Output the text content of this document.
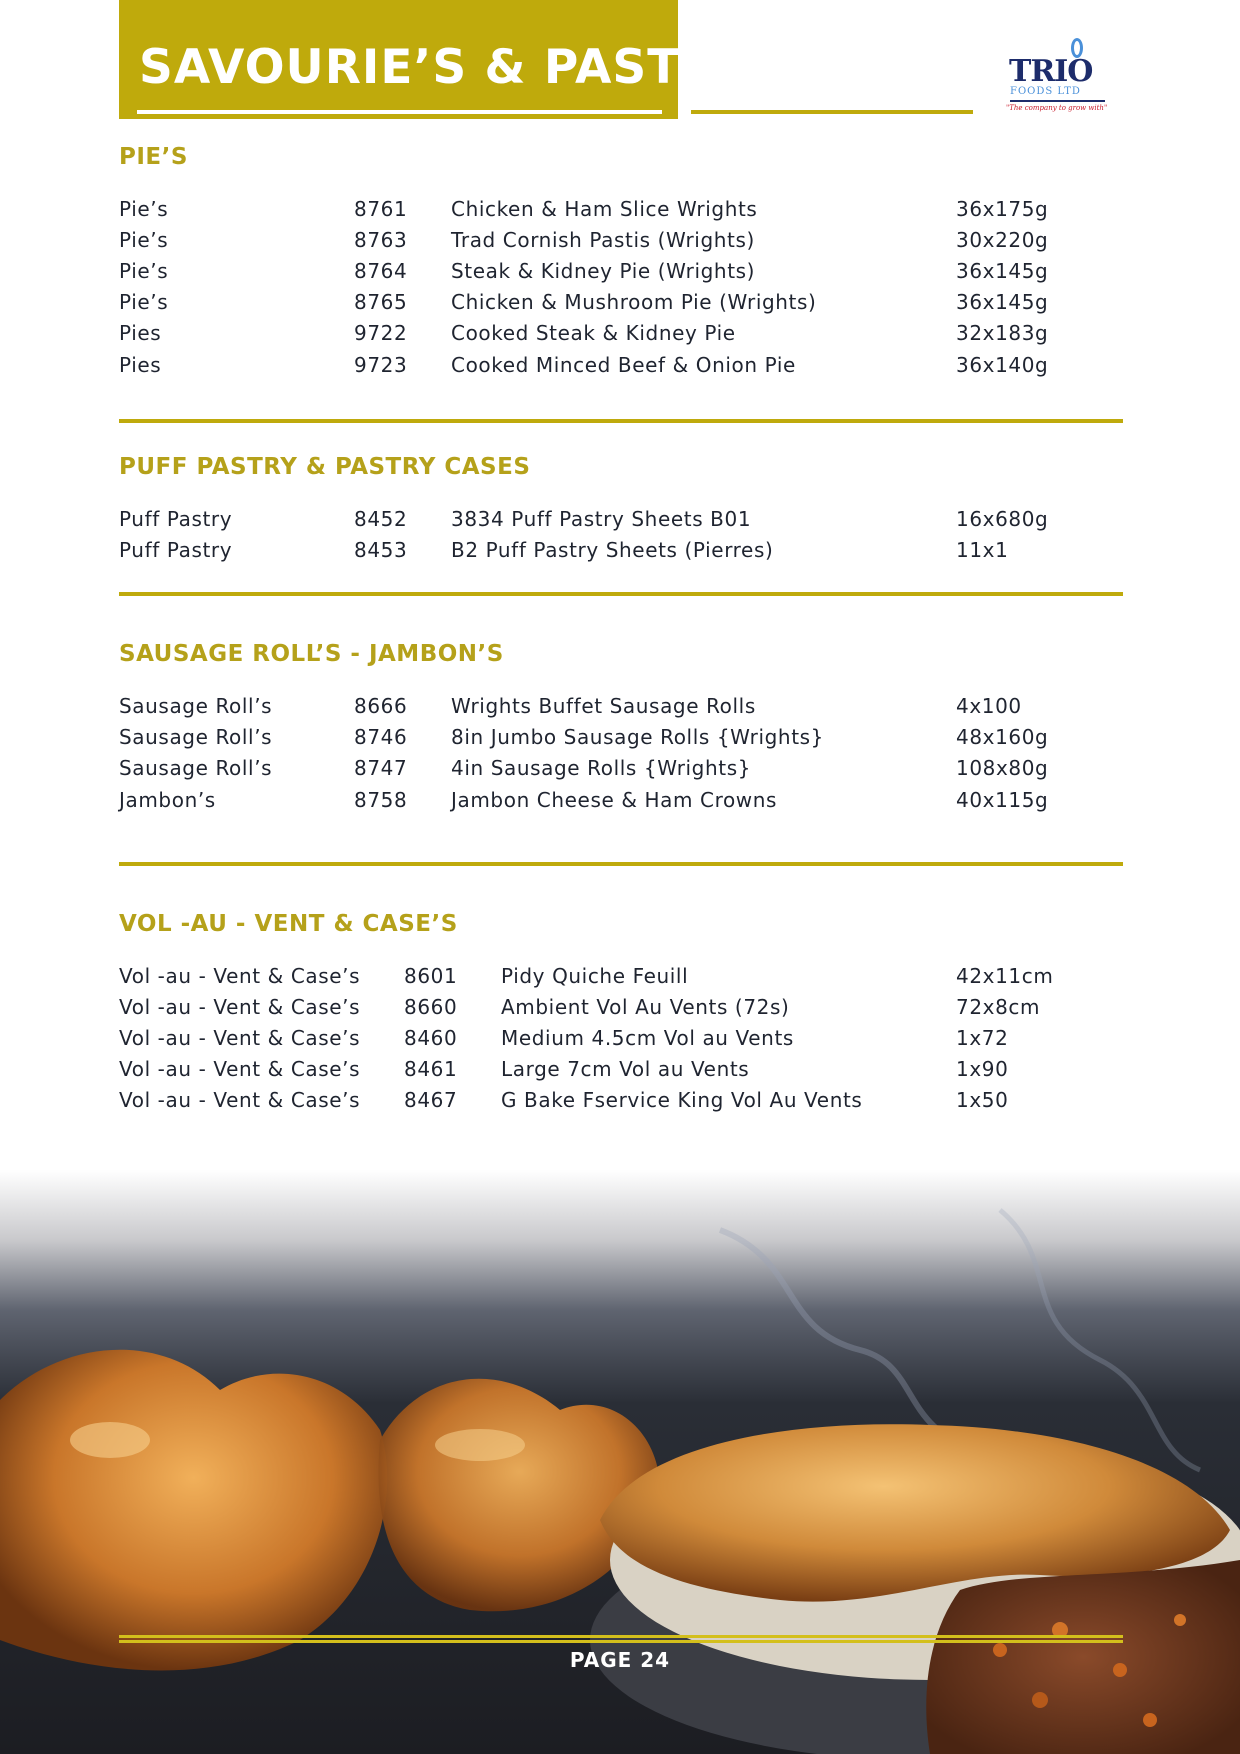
SAVOURIE’S & PASTRY	TRIO
FOODS LTD
"The company to grow with"
PIE’S
Pie’s	8761 Chicken & Ham Slice Wrights	36x175g
Pie’s	8763 Trad Cornish Pastis (Wrights)	30x220g
Pie’s	8764 Steak & Kidney Pie (Wrights)	36x145g
Pie’s	8765 Chicken & Mushroom Pie (Wrights)	36x145g
Pies	9722 Cooked Steak & Kidney Pie	32x183g
Pies	9723 Cooked Minced Beef & Onion Pie	36x140g
PUFF PASTRY & PASTRY CASES
Puff Pastry	8452 3834 Puff Pastry Sheets B01	16x680g
Puff Pastry	8453 B2 Puff Pastry Sheets (Pierres)	11x1
SAUSAGE ROLL’S - JAMBON’S
Sausage Roll’s	8666 Wrights Buffet Sausage Rolls	4x100
Sausage Roll’s	8746 8in Jumbo Sausage Rolls {Wrights}	48x160g
Sausage Roll’s	8747 4in Sausage Rolls {Wrights}	108x80g
Jambon’s	8758 Jambon Cheese & Ham Crowns	40x115g
VOL -AU - VENT & CASE’S
Vol -au - Vent & Case’s 8601 Pidy Quiche Feuill	42x11cm
Vol -au - Vent & Case’s 8660 Ambient Vol Au Vents (72s)	72x8cm
Vol -au - Vent & Case’s 8460 Medium 4.5cm Vol au Vents	1x72
Vol -au - Vent & Case’s 8461 Large 7cm Vol au Vents	1x90
Vol -au - Vent & Case’s 8467 G Bake Fservice King Vol Au Vents	1x50
PAGE 24
